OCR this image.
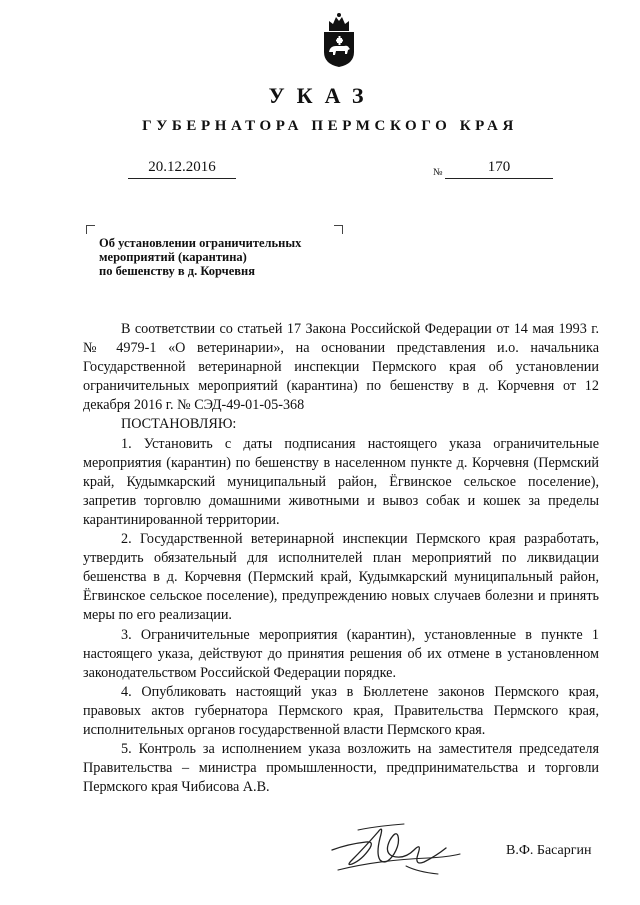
УКАЗ
ГУБЕРНАТОРА ПЕРМСКОГО КРАЯ
20.12.2016	№	170
Об установлении ограничительных
мероприятий (карантина)
по бешенству в д. Корчевня

В соответствии со статьей 17 Закона Российской Федерации от 14 мая 1993 г. № 4979-1 «О ветеринарии», на основании представления и.о. начальника Государственной ветеринарной инспекции Пермского края об установлении ограничительных мероприятий (карантина) по бешенству в д. Корчевня от 12 декабря 2016 г. № СЭД-49-01-05-368

ПОСТАНОВЛЯЮ:

1. Установить с даты подписания настоящего указа ограничительные мероприятия (карантин) по бешенству в населенном пункте д. Корчевня (Пермский край, Кудымкарский муниципальный район, Ёгвинское сельское поселение), запретив торговлю домашними животными и вывоз собак и кошек за пределы карантинированной территории.

2. Государственной ветеринарной инспекции Пермского края разработать, утвердить обязательный для исполнителей план мероприятий по ликвидации бешенства в д. Корчевня (Пермский край, Кудымкарский муниципальный район, Ёгвинское сельское поселение), предупреждению новых случаев болезни и принять меры по его реализации.

3. Ограничительные мероприятия (карантин), установленные в пункте 1 настоящего указа, действуют до принятия решения об их отмене в установленном законодательством Российской Федерации порядке.

4. Опубликовать настоящий указ в Бюллетене законов Пермского края, правовых актов губернатора Пермского края, Правительства Пермского края, исполнительных органов государственной власти Пермского края.

5. Контроль за исполнением указа возложить на заместителя председателя Правительства – министра промышленности, предпринимательства и торговли Пермского края Чибисова А.В.

В.Ф. Басаргин
